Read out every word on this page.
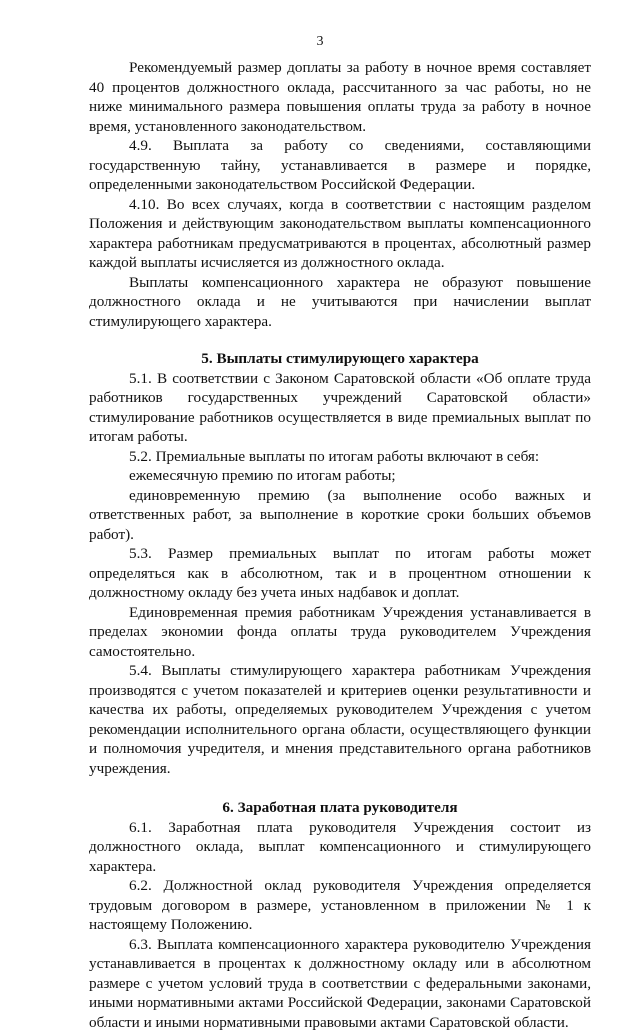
3

Рекомендуемый размер доплаты за работу в ночное время составляет 40 процентов должностного оклада, рассчитанного за час работы, но не ниже минимального размера повышения оплаты труда за работу в ночное время, установленного законодательством.

4.9. Выплата за работу со сведениями, составляющими государственную тайну, устанавливается в размере и порядке, определенными законодательством Российской Федерации.

4.10. Во всех случаях, когда в соответствии с настоящим разделом Положения и действующим законодательством выплаты компенсационного характера работникам предусматриваются в процентах, абсолютный размер каждой выплаты исчисляется из должностного оклада.

Выплаты компенсационного характера не образуют повышение должностного оклада и не учитываются при начислении выплат стимулирующего характера.

5. Выплаты стимулирующего характера

5.1. В соответствии с Законом Саратовской области «Об оплате труда работников государственных учреждений Саратовской области» стимулирование работников осуществляется в виде премиальных выплат по итогам работы.

5.2. Премиальные выплаты по итогам работы включают в себя:

ежемесячную премию по итогам работы;

единовременную премию (за выполнение особо важных и ответственных работ, за выполнение в короткие сроки больших объемов работ).

5.3. Размер премиальных выплат по итогам работы может определяться как в абсолютном, так и в процентном отношении к должностному окладу без учета иных надбавок и доплат.

Единовременная премия работникам Учреждения устанавливается в пределах экономии фонда оплаты труда руководителем Учреждения самостоятельно.

5.4. Выплаты стимулирующего характера работникам Учреждения производятся с учетом показателей и критериев оценки результативности и качества их работы, определяемых руководителем Учреждения с учетом рекомендации исполнительного органа области, осуществляющего функции и полномочия учредителя, и мнения представительного органа работников учреждения.

6. Заработная плата руководителя

6.1. Заработная плата руководителя Учреждения состоит из должностного оклада, выплат компенсационного и стимулирующего характера.

6.2. Должностной оклад руководителя Учреждения определяется трудовым договором в размере, установленном в приложении № 1 к настоящему Положению.

6.3. Выплата компенсационного характера руководителю Учреждения устанавливается в процентах к должностному окладу или в абсолютном размере с учетом условий труда в соответствии с федеральными законами, иными нормативными актами Российской Федерации, законами Саратовской области и иными нормативными правовыми актами Саратовской области.
